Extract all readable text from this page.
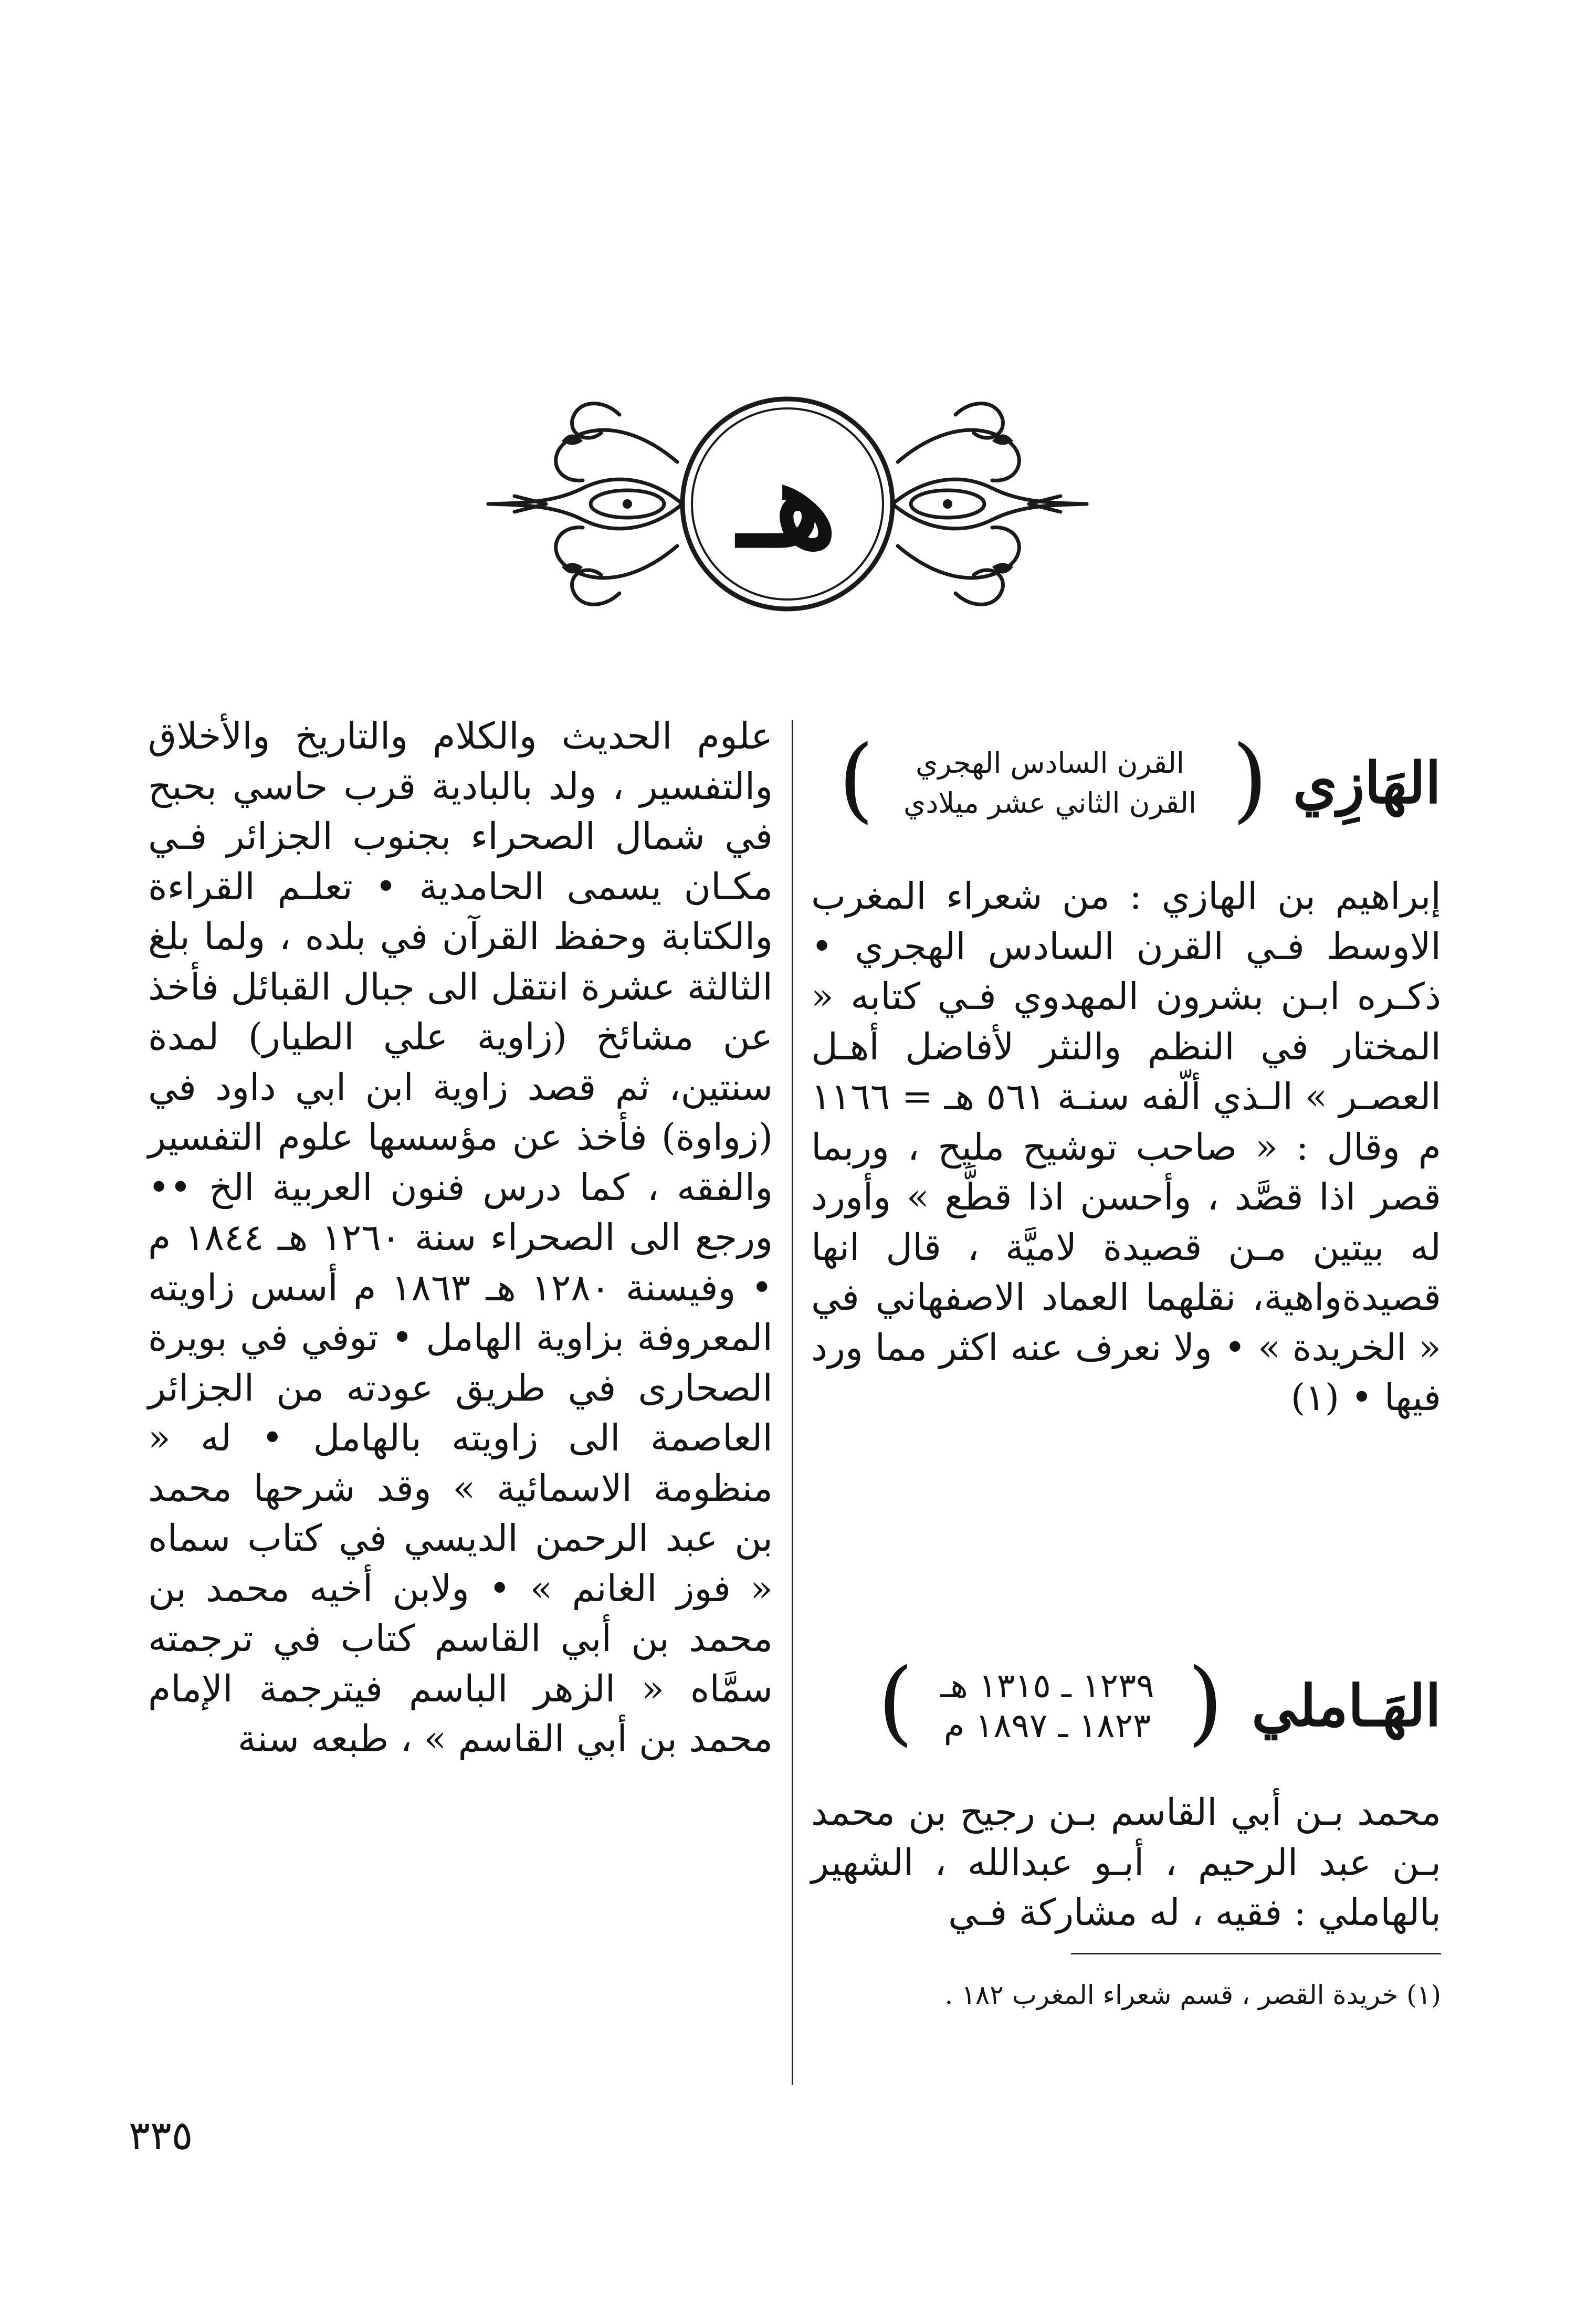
هـ
الهَازِي
(
القرن السادس الهجري
القرن الثاني عشر ميلادي
)

إبراهيم بن الهازي : من شعراء المغرب الاوسط فـي القرن السادس الهجري • ذكـره ابـن بشرون المهدوي فـي كتابه « المختار في النظم والنثر لأفاضل أهـل العصـر » الـذي ألّفه سنـة ٥٦١ هـ = ١١٦٦ م وقال : « صاحب توشيح مليح ، وربما قصر اذا قصَّد ، وأحسن اذا قطَّع » وأورد له بيتين مـن قصيدة لاميَّة ، قال انها قصيدةواهية، نقلهما العماد الاصفهاني في « الخريدة » • ولا نعرف عنه اكثر مما ورد فيها • (١)

الهَـاملي
(
١٢٣٩ ـ ١٣١٥ هـ
١٨٢٣ ـ ١٨٩٧ م
)

محمد بـن أبي القاسم بـن رجيح بن محمد بـن عبد الرحيم ، أبـو عبدالله ، الشهير بالهاملي : فقيه ، له مشاركة فـي

(١) خريدة القصر ، قسم شعراء المغرب ١٨٢ .

علوم الحديث والكلام والتاريخ والأخلاق والتفسير ، ولد بالبادية قرب حاسي بحبح في شمال الصحراء بجنوب الجزائر فـي مكـان يسمى الحامدية • تعلـم القراءة والكتابة وحفظ القرآن في بلده ، ولما بلغ الثالثة عشرة انتقل الى جبال القبائل فأخذ عن مشائخ (زاوية علي الطيار) لمدة سنتين، ثم قصد زاوية ابن ابي داود في (زواوة) فأخذ عن مؤسسها علوم التفسير والفقه ، كما درس فنون العربية الخ •• ورجع الى الصحراء سنة ١٢٦٠ هـ ١٨٤٤ م • وفيسنة ١٢٨٠ هـ ١٨٦٣ م أسس زاويته المعروفة بزاوية الهامل • توفي في بويرة الصحارى في طريق عودته من الجزائر العاصمة الى زاويته بالهامل • له « منظومة الاسمائية » وقد شرحها محمد بن عبد الرحمن الديسي في كتاب سماه « فوز الغانم » • ولابن أخيه محمد بن محمد بن أبي القاسم كتاب في ترجمته سمَّاه « الزهر الباسم فيترجمة الإمام محمد بن أبي القاسم » ، طبعه سنة

٣٣٥
